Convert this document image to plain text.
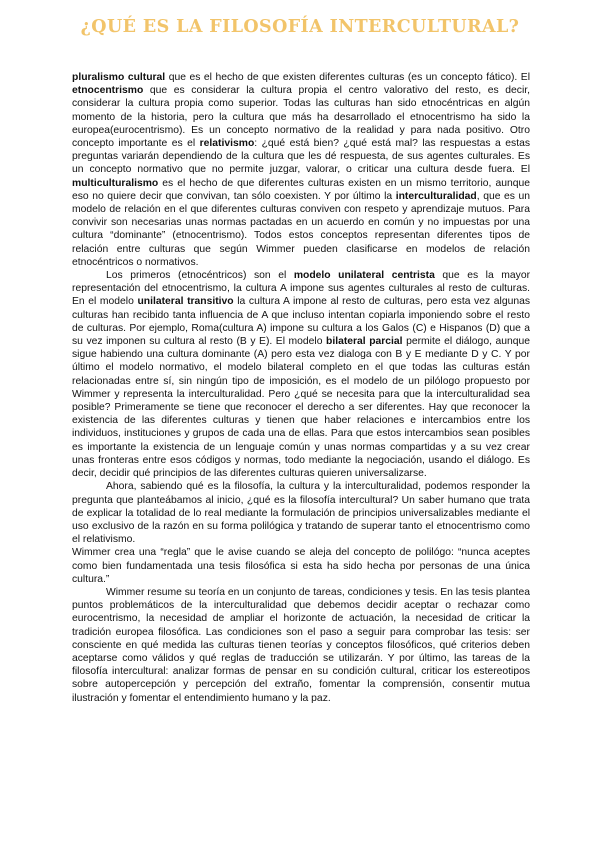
¿QUÉ ES LA FILOSOFÍA INTERCULTURAL?

pluralismo cultural que es el hecho de que existen diferentes culturas (es un concepto fático). El etnocentrismo que es considerar la cultura propia el centro valorativo del resto, es decir, considerar la cultura propia como superior. Todas las culturas han sido etnocéntricas en algún momento de la historia, pero la cultura que más ha desarrollado el etnocentrismo ha sido la europea(eurocentrismo). Es un concepto normativo de la realidad y para nada positivo. Otro concepto importante es el relativismo: ¿qué está bien? ¿qué está mal? las respuestas a estas preguntas variarán dependiendo de la cultura que les dé respuesta, de sus agentes culturales. Es un concepto normativo que no permite juzgar, valorar, o criticar una cultura desde fuera. El multiculturalismo es el hecho de que diferentes culturas existen en un mismo territorio, aunque eso no quiere decir que convivan, tan sólo coexisten. Y por último la interculturalidad, que es un modelo de relación en el que diferentes culturas conviven con respeto y aprendizaje mutuos. Para convivir son necesarias unas normas pactadas en un acuerdo en común y no impuestas por una cultura “dominante” (etnocentrismo). Todos estos conceptos representan diferentes tipos de relación entre culturas que según Wimmer pueden clasificarse en modelos de relación etnocéntricos o normativos.

Los primeros (etnocéntricos) son el modelo unilateral centrista que es la mayor representación del etnocentrismo, la cultura A impone sus agentes culturales al resto de culturas. En el modelo unilateral transitivo la cultura A impone al resto de culturas, pero esta vez algunas culturas han recibido tanta influencia de A que incluso intentan copiarla imponiendo sobre el resto de culturas. Por ejemplo, Roma(cultura A) impone su cultura a los Galos (C) e Hispanos (D) que a su vez imponen su cultura al resto (B y E). El modelo bilateral parcial permite el diálogo, aunque sigue habiendo una cultura dominante (A) pero esta vez dialoga con B y E mediante D y C. Y por último el modelo normativo, el modelo bilateral completo en el que todas las culturas están relacionadas entre sí, sin ningún tipo de imposición, es el modelo de un pilólogo propuesto por Wimmer y representa la interculturalidad. Pero ¿qué se necesita para que la interculturalidad sea posible? Primeramente se tiene que reconocer el derecho a ser diferentes. Hay que reconocer la existencia de las diferentes culturas y tienen que haber relaciones e intercambios entre los individuos, instituciones y grupos de cada una de ellas. Para que estos intercambios sean posibles es importante la existencia de un lenguaje común y unas normas compartidas y a su vez crear unas fronteras entre esos códigos y normas, todo mediante la negociación, usando el diálogo. Es decir, decidir qué principios de las diferentes culturas quieren universalizarse.

Ahora, sabiendo qué es la filosofía, la cultura y la interculturalidad, podemos responder la pregunta que planteábamos al inicio, ¿qué es la filosofía intercultural? Un saber humano que trata de explicar la totalidad de lo real mediante la formulación de principios universalizables mediante el uso exclusivo de la razón en su forma polilógica y tratando de superar tanto el etnocentrismo como el relativismo.

Wimmer crea una “regla” que le avise cuando se aleja del concepto de polilógo: “nunca aceptes como bien fundamentada una tesis filosófica si esta ha sido hecha por personas de una única cultura.”

Wimmer resume su teoría en un conjunto de tareas, condiciones y tesis. En las tesis plantea puntos problemáticos de la interculturalidad que debemos decidir aceptar o rechazar como eurocentrismo, la necesidad de ampliar el horizonte de actuación, la necesidad de criticar la tradición europea filosófica. Las condiciones son el paso a seguir para comprobar las tesis: ser consciente en qué medida las culturas tienen teorías y conceptos filosóficos, qué criterios deben aceptarse como válidos y qué reglas de traducción se utilizarán. Y por último, las tareas de la filosofía intercultural: analizar formas de pensar en su condición cultural, criticar los estereotipos sobre autopercepción y percepción del extraño, fomentar la comprensión, consentir mutua ilustración y fomentar el entendimiento humano y la paz.
